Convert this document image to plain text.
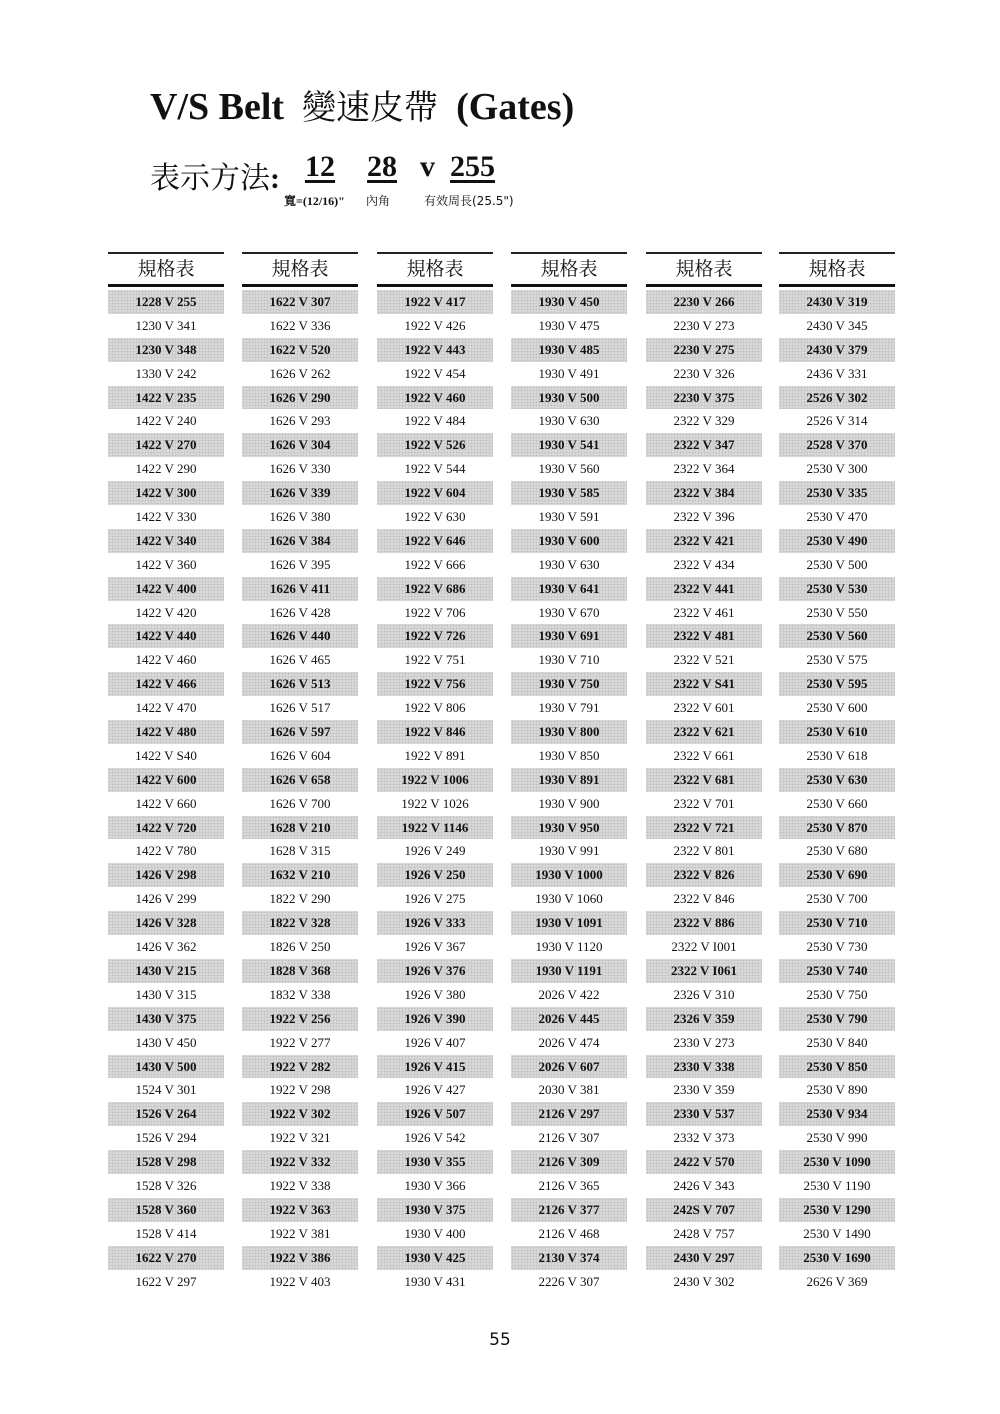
V/S Belt 變速皮帶 (Gates)
表示方法: 12 28 v 255
寬=(12/16)" 內角	有效周長(25.5")
規格表
1228 V 255
1230 V 341
1230 V 348
1330 V 242
1422 V 235
1422 V 240
1422 V 270
1422 V 290
1422 V 300
1422 V 330
1422 V 340
1422 V 360
1422 V 400
1422 V 420
1422 V 440
1422 V 460
1422 V 466
1422 V 470
1422 V 480
1422 V S40
1422 V 600
1422 V 660
1422 V 720
1422 V 780
1426 V 298
1426 V 299
1426 V 328
1426 V 362
1430 V 215
1430 V 315
1430 V 375
1430 V 450
1430 V 500
1524 V 301
1526 V 264
1526 V 294
1528 V 298
1528 V 326
1528 V 360
1528 V 414
1622 V 270
1622 V 297
規格表
1622 V 307
1622 V 336
1622 V 520
1626 V 262
1626 V 290
1626 V 293
1626 V 304
1626 V 330
1626 V 339
1626 V 380
1626 V 384
1626 V 395
1626 V 411
1626 V 428
1626 V 440
1626 V 465
1626 V 513
1626 V 517
1626 V 597
1626 V 604
1626 V 658
1626 V 700
1628 V 210
1628 V 315
1632 V 210
1822 V 290
1822 V 328
1826 V 250
1828 V 368
1832 V 338
1922 V 256
1922 V 277
1922 V 282
1922 V 298
1922 V 302
1922 V 321
1922 V 332
1922 V 338
1922 V 363
1922 V 381
1922 V 386
1922 V 403
規格表
1922 V 417
1922 V 426
1922 V 443
1922 V 454
1922 V 460
1922 V 484
1922 V 526
1922 V 544
1922 V 604
1922 V 630
1922 V 646
1922 V 666
1922 V 686
1922 V 706
1922 V 726
1922 V 751
1922 V 756
1922 V 806
1922 V 846
1922 V 891
1922 V 1006
1922 V 1026
1922 V 1146
1926 V 249
1926 V 250
1926 V 275
1926 V 333
1926 V 367
1926 V 376
1926 V 380
1926 V 390
1926 V 407
1926 V 415
1926 V 427
1926 V 507
1926 V 542
1930 V 355
1930 V 366
1930 V 375
1930 V 400
1930 V 425
1930 V 431
規格表
1930 V 450
1930 V 475
1930 V 485
1930 V 491
1930 V 500
1930 V 630
1930 V 541
1930 V 560
1930 V 585
1930 V 591
1930 V 600
1930 V 630
1930 V 641
1930 V 670
1930 V 691
1930 V 710
1930 V 750
1930 V 791
1930 V 800
1930 V 850
1930 V 891
1930 V 900
1930 V 950
1930 V 991
1930 V 1000
1930 V 1060
1930 V 1091
1930 V 1120
1930 V 1191
2026 V 422
2026 V 445
2026 V 474
2026 V 607
2030 V 381
2126 V 297
2126 V 307
2126 V 309
2126 V 365
2126 V 377
2126 V 468
2130 V 374
2226 V 307
規格表
2230 V 266
2230 V 273
2230 V 275
2230 V 326
2230 V 375
2322 V 329
2322 V 347
2322 V 364
2322 V 384
2322 V 396
2322 V 421
2322 V 434
2322 V 441
2322 V 461
2322 V 481
2322 V 521
2322 V S41
2322 V 601
2322 V 621
2322 V 661
2322 V 681
2322 V 701
2322 V 721
2322 V 801
2322 V 826
2322 V 846
2322 V 886
2322 V I001
2322 V I061
2326 V 310
2326 V 359
2330 V 273
2330 V 338
2330 V 359
2330 V 537
2332 V 373
2422 V 570
2426 V 343
242S V 707
2428 V 757
2430 V 297
2430 V 302
規格表
2430 V 319
2430 V 345
2430 V 379
2436 V 331
2526 V 302
2526 V 314
2528 V 370
2530 V 300
2530 V 335
2530 V 470
2530 V 490
2530 V 500
2530 V 530
2530 V 550
2530 V 560
2530 V 575
2530 V 595
2530 V 600
2530 V 610
2530 V 618
2530 V 630
2530 V 660
2530 V 870
2530 V 680
2530 V 690
2530 V 700
2530 V 710
2530 V 730
2530 V 740
2530 V 750
2530 V 790
2530 V 840
2530 V 850
2530 V 890
2530 V 934
2530 V 990
2530 V 1090
2530 V 1190
2530 V 1290
2530 V 1490
2530 V 1690
2626 V 369
55
